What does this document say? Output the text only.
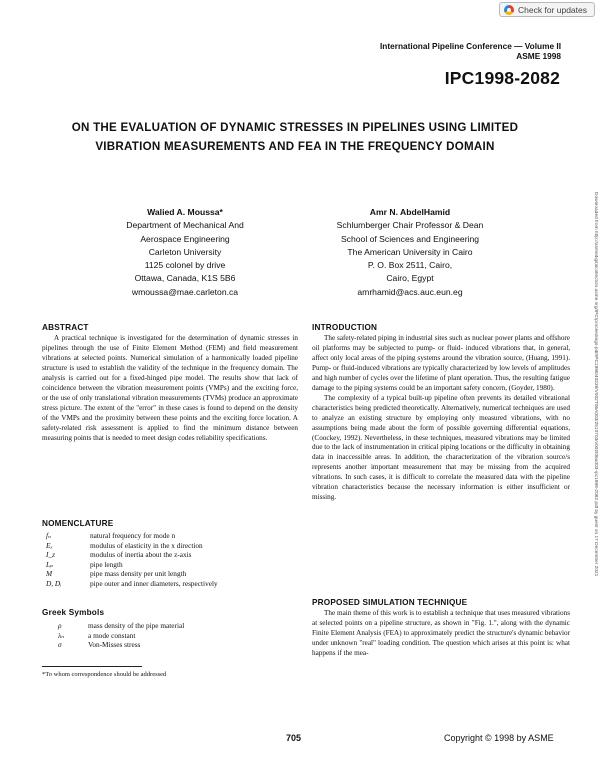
Check for updates
International Pipeline Conference — Volume II
ASME 1998
IPC1998-2082
ON THE EVALUATION OF DYNAMIC STRESSES IN PIPELINES USING LIMITED
VIBRATION MEASUREMENTS AND FEA IN THE FREQUENCY DOMAIN
Downloaded from http://asmedigitalcollection.asme.org/IPC/proceedings-pdf/IPC1998/40238/V002T06A003/2510703/v002t06a003-ipc1998-2082.pdf by guest on 17 December 2021
Walied A. Moussa*
Department of Mechanical And
Aerospace Engineering
Carleton University
1125 colonel by drive
Ottawa, Canada, K1S 5B6
wmoussa@mae.carleton.ca
Amr N. AbdelHamid
Schlumberger Chair Professor & Dean
School of Sciences and Engineering
The American University in Cairo
P. O. Box 2511, Cairo,
Cairo, Egypt
amrhamid@acs.auc.eun.eg
ABSTRACT

A practical technique is investigated for the determination of dynamic stresses in pipelines through the use of Finite Element Method (FEM) and field measurement vibrations at selected points. Numerical simulation of a harmonically loaded pipeline structure is used to establish the validity of the technique in the frequency domain. The analysis is carried out for a fixed-hinged pipe model. The results show that lack of coincidence between the vibration measurement points (VMPs) and the exciting force, or the use of only translational vibration measurements (TVMs) produce an approximate stress picture. The extent of the "error" in these cases is found to depend on the density of the VMPs and the proximity between these points and the exciting force location. A safety-related risk assessment is applied to find the minimum distance between measuring points that is needed to meet design codes reliability specifications.

NOMENCLATURE
fₙ	natural frequency for mode n
Eₓ	modulus of elasticity in the x direction
I_z	modulus of inertia about the z-axis
Lₚ	pipe length
M	pipe mass density per unit length
D, Dᵢ	pipe outer and inner diameters, respectively
Greek Symbols
ρ	mass density of the pipe material
λₙ	a mode constant
σ	Von-Misses stress
*To whom correspondence should be addressed
INTRODUCTION

The safety-related piping in industrial sites such as nuclear power plants and offshore oil platforms may be subjected to pump- or fluid- induced vibrations that, in general, affect only local areas of the piping systems around the vibration source, (Huang, 1991). Pump- or fluid-induced vibrations are typically characterized by low levels of amplitudes and high number of cycles over the lifetime of plant operation. Thus, the resulting fatigue damage to the piping systems could be an important safety concern, (Goyder, 1980).

The complexity of a typical built-up pipeline often prevents its detailed vibrational characteristics being predicted theoretically. Alternatively, numerical techniques are used to analyze an existing structure by employing only measured vibrations, with no assumptions being made about the form of possible governing differential equations, (Coockey, 1992). Nevertheless, in these techniques, measured vibrations may be limited due to the lack of instrumentation in critical piping locations or the difficulty in obtaining data in inaccessible areas. In addition, the characterization of the vibration source/s represents another important measurement that may be missing from the acquired vibrations. In such cases, it is difficult to correlate the measured data with the pipeline vibration characteristics because the necessary information is either insufficient or missing.

PROPOSED SIMULATION TECHNIQUE

The main theme of this work is to establish a technique that uses measured vibrations at selected points on a pipeline structure, as shown in "Fig. 1.", along with the dynamic Finite Element Analysis (FEA) to approximately predict the structure's dynamic behavior under unknown "real" loading condition. The question which arises at this point is: what happens if the mea-

705	Copyright © 1998 by ASME
